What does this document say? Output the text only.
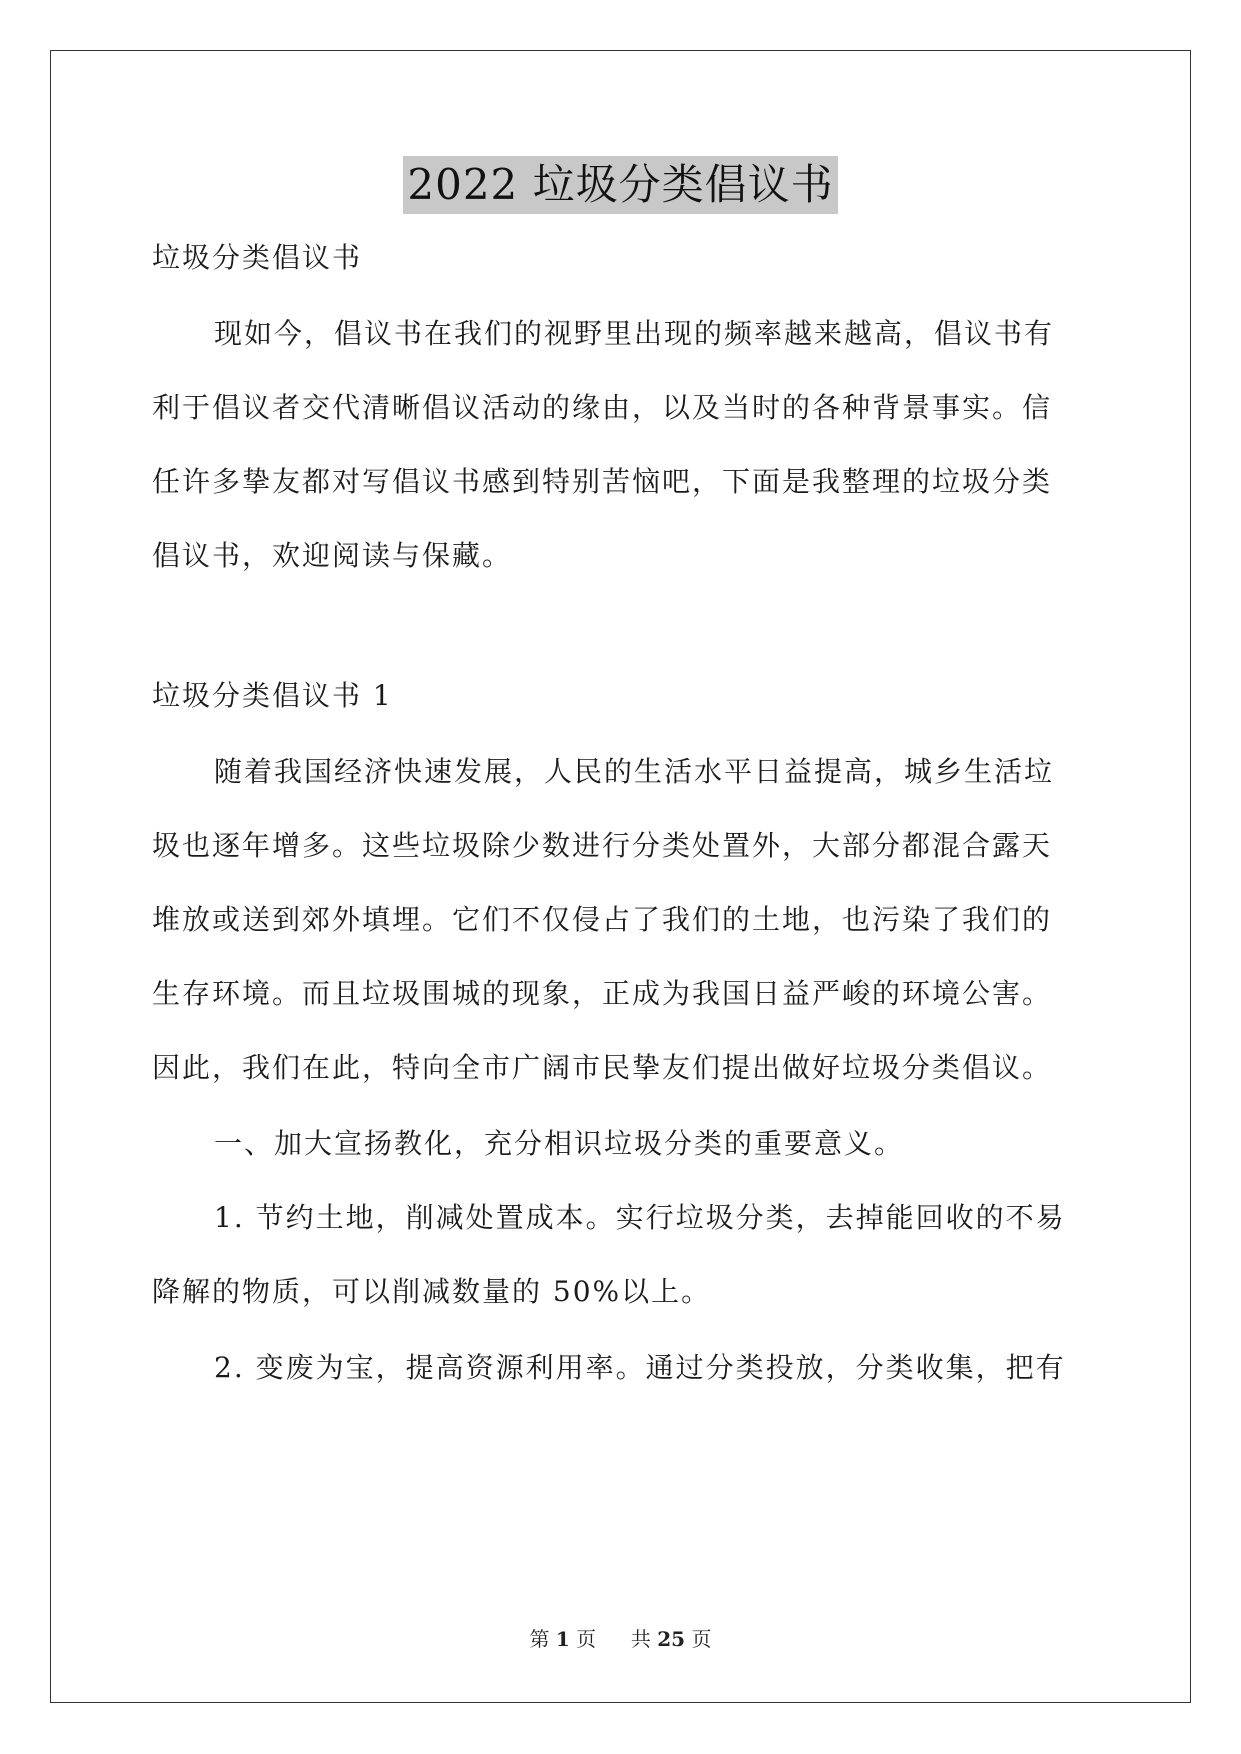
2022 垃圾分类倡议书
垃圾分类倡议书
现如今，倡议书在我们的视野里出现的频率越来越高，倡议书有
利于倡议者交代清晰倡议活动的缘由，以及当时的各种背景事实。信
任许多挚友都对写倡议书感到特别苦恼吧，下面是我整理的垃圾分类
倡议书，欢迎阅读与保藏。
垃圾分类倡议书 1
随着我国经济快速发展，人民的生活水平日益提高，城乡生活垃
圾也逐年增多。这些垃圾除少数进行分类处置外，大部分都混合露天
堆放或送到郊外填埋。它们不仅侵占了我们的土地，也污染了我们的
生存环境。而且垃圾围城的现象，正成为我国日益严峻的环境公害。
因此，我们在此，特向全市广阔市民挚友们提出做好垃圾分类倡议。
一、加大宣扬教化，充分相识垃圾分类的重要意义。
1. 节约土地，削减处置成本。实行垃圾分类，去掉能回收的不易
降解的物质，可以削减数量的 50%以上。
2. 变废为宝，提高资源利用率。通过分类投放，分类收集，把有
第 1 页 共 25 页
